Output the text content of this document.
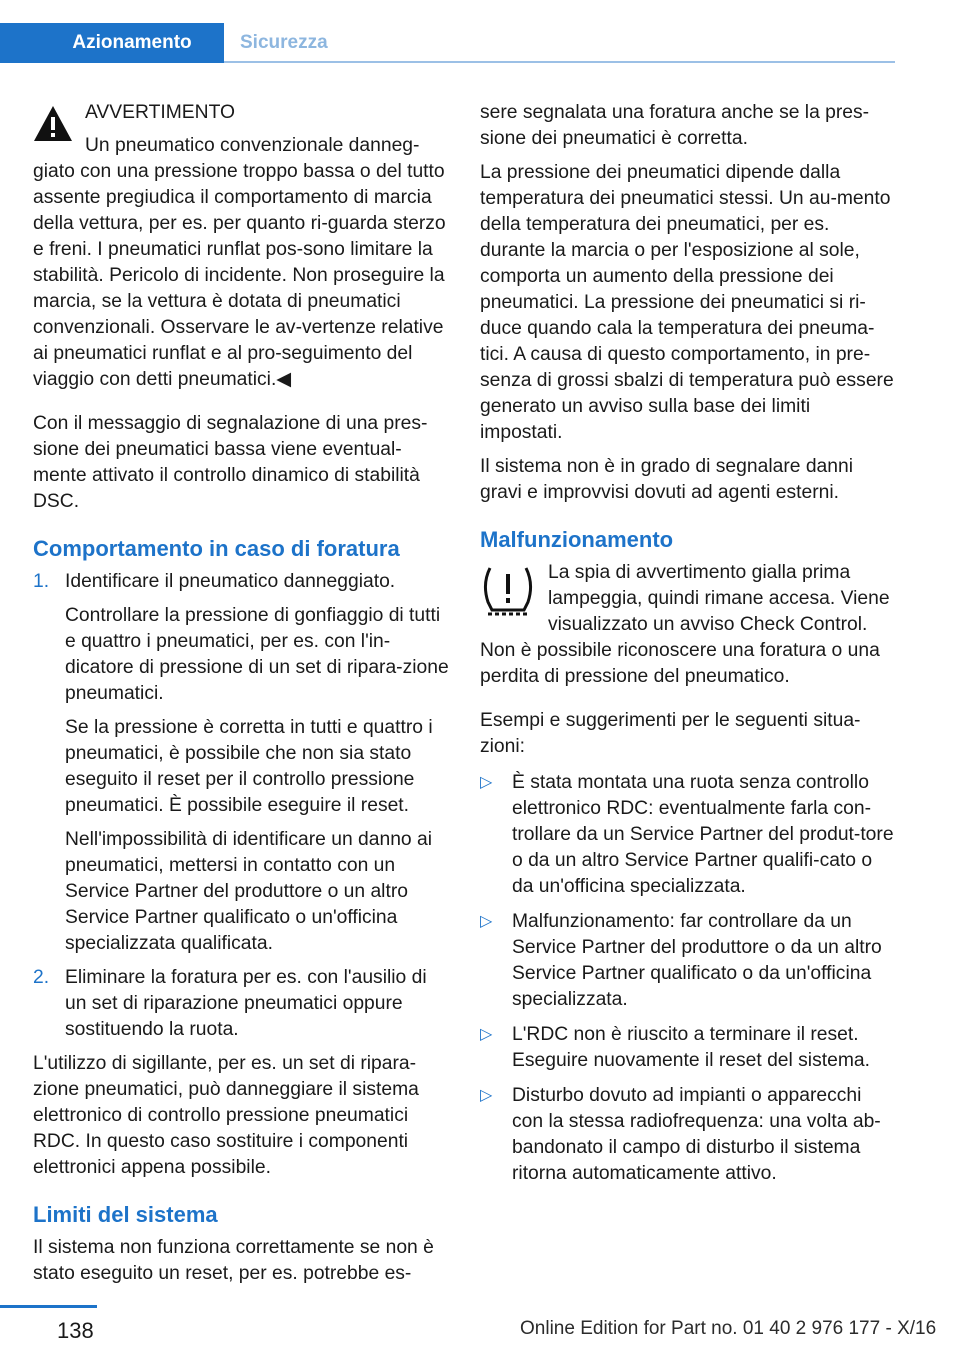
Azionamento	Sicurezza

AVVERTIMENTO

Un pneumatico convenzionale danneg-

giato con una pressione troppo bassa o del tutto assente pregiudica il comportamento di marcia della vettura, per es. per quanto ri-guarda sterzo e freni. I pneumatici runflat pos-sono limitare la stabilità. Pericolo di incidente. Non proseguire la marcia, se la vettura è dotata di pneumatici convenzionali. Osservare le av-vertenze relative ai pneumatici runflat e al pro-seguimento del viaggio con detti pneumatici.◀

Con il messaggio di segnalazione di una pres-sione dei pneumatici bassa viene eventual-mente attivato il controllo dinamico di stabilità DSC.

Comportamento in caso di foratura
1. Identificare il pneumatico danneggiato.

Controllare la pressione di gonfiaggio di tutti e quattro i pneumatici, per es. con l'in-dicatore di pressione di un set di ripara-zione pneumatici.

Se la pressione è corretta in tutti e quattro i pneumatici, è possibile che non sia stato eseguito il reset per il controllo pressione pneumatici. È possibile eseguire il reset.

Nell'impossibilità di identificare un danno ai pneumatici, mettersi in contatto con un Service Partner del produttore o un altro Service Partner qualificato o un'officina specializzata qualificata.

2. Eliminare la foratura per es. con l'ausilio di un set di riparazione pneumatici oppure sostituendo la ruota.

L'utilizzo di sigillante, per es. un set di ripara-zione pneumatici, può danneggiare il sistema elettronico di controllo pressione pneumatici RDC. In questo caso sostituire i componenti elettronici appena possibile.

Limiti del sistema

Il sistema non funziona correttamente se non è stato eseguito un reset, per es. potrebbe es-

sere segnalata una foratura anche se la pres-sione dei pneumatici è corretta.

La pressione dei pneumatici dipende dalla temperatura dei pneumatici stessi. Un au-mento della temperatura dei pneumatici, per es. durante la marcia o per l'esposizione al sole, comporta un aumento della pressione dei pneumatici. La pressione dei pneumatici si ri-duce quando cala la temperatura dei pneuma-tici. A causa di questo comportamento, in pre-senza di grossi sbalzi di temperatura può essere generato un avviso sulla base dei limiti impostati.

Il sistema non è in grado di segnalare danni gravi e improvvisi dovuti ad agenti esterni.

Malfunzionamento

La spia di avvertimento gialla prima lampeggia, quindi rimane accesa. Viene visualizzato un avviso Check Control.

Non è possibile riconoscere una foratura o una perdita di pressione del pneumatico.

Esempi e suggerimenti per le seguenti situa-zioni:

▷ È stata montata una ruota senza controllo elettronico RDC: eventualmente farla con-trollare da un Service Partner del produt-tore o da un altro Service Partner qualifi-cato o da un'officina specializzata.

▷ Malfunzionamento: far controllare da un Service Partner del produttore o da un altro Service Partner qualificato o da un'officina specializzata.

▷ L'RDC non è riuscito a terminare il reset. Eseguire nuovamente il reset del sistema.

▷ Disturbo dovuto ad impianti o apparecchi con la stessa radiofrequenza: una volta ab-bandonato il campo di disturbo il sistema ritorna automaticamente attivo.

138	Online Edition for Part no. 01 40 2 976 177 - X/16
